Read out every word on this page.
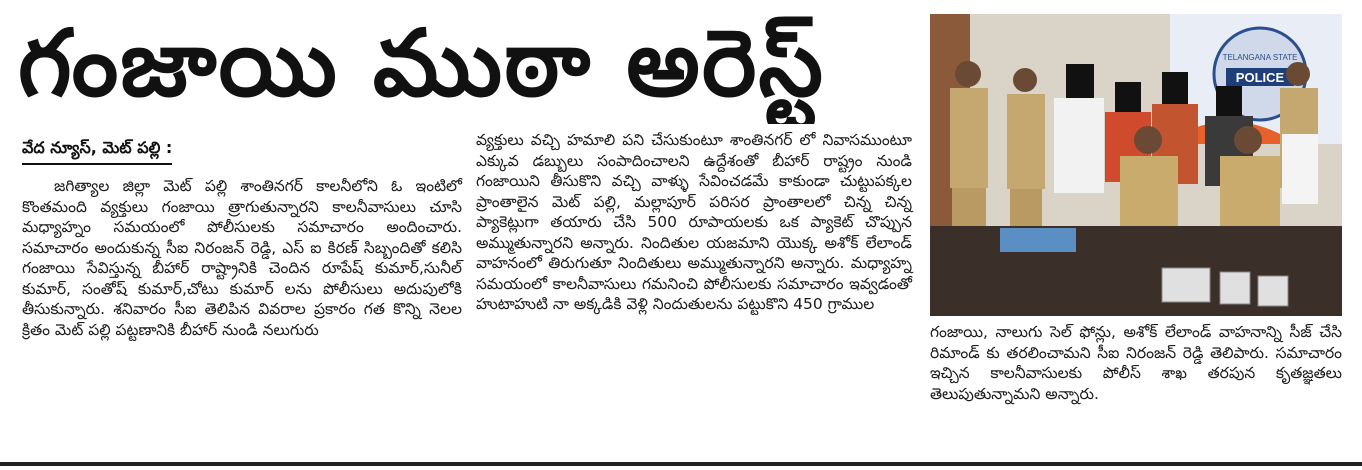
గంజాయి ముఠా అరెస్ట్
వేద న్యూస్, మెట్ పల్లి :

జగిత్యాల జిల్లా మెట్ పల్లి శాంతినగర్ కాలనీలోని ఓ ఇంటిలో కొంతమంది వ్యక్తులు గంజాయి త్రాగుతున్నారని కాలనీవాసులు చూసి మధ్యాహ్నం సమయంలో పోలీసులకు సమాచారం అందించారు. సమాచారం అందుకున్న సీఐ నిరంజన్ రెడ్డి, ఎస్ ఐ కిరణ్ సిబ్బందితో కలిసి గంజాయి సేవిస్తున్న బీహార్ రాష్ట్రానికి చెందిన రూపేష్ కుమార్,సునీల్ కుమార్, సంతోష్ కుమార్,చోటు కుమార్ లను పోలీసులు అదుపులోకి తీసుకున్నారు. శనివారం సీఐ తెలిపిన వివరాల ప్రకారం గత కొన్ని నెలల క్రితం మెట్ పల్లి పట్టణానికి బీహార్ నుండి నలుగురు

వ్యక్తులు వచ్చి హమాలి పని చేసుకుంటూ శాంతినగర్ లో నివాసముంటూ ఎక్కువ డబ్బులు సంపాదించాలని ఉద్దేశంతో బీహార్ రాష్ట్రం నుండి గంజాయిని తీసుకొని వచ్చి వాళ్ళు సేవించడమే కాకుండా చుట్టుపక్కల ప్రాంతాలైన మెట్ పల్లి, మల్లాపూర్ పరిసర ప్రాంతాలలో చిన్న చిన్న ప్యాకెట్లుగా తయారు చేసి 500 రూపాయలకు ఒక ప్యాకెట్ చొప్పున అమ్ముతున్నారని అన్నారు. నిందితుల యజమాని యొక్క అశోక్ లేలాండ్ వాహనంలో తిరుగుతూ నిందితులు అమ్ముతున్నారని అన్నారు. మధ్యాహ్న సమయంలో కాలనీవాసులు గమనించి పోలీసులకు సమాచారం ఇవ్వడంతో హుటాహుటి నా అక్కడికి వెళ్లి నిందుతులను పట్టుకొని 450 గ్రాముల

TELANGANA STATE
POLICE

గంజాయి, నాలుగు సెల్ ఫోన్లు, అశోక్ లేలాండ్ వాహనాన్ని సీజ్ చేసి రిమాండ్ కు తరలించామని సీఐ నిరంజన్ రెడ్డి తెలిపారు. సమాచారం ఇచ్చిన కాలనీవాసులకు పోలీస్ శాఖ తరపున కృతజ్ఞతలు తెలుపుతున్నామని అన్నారు.
